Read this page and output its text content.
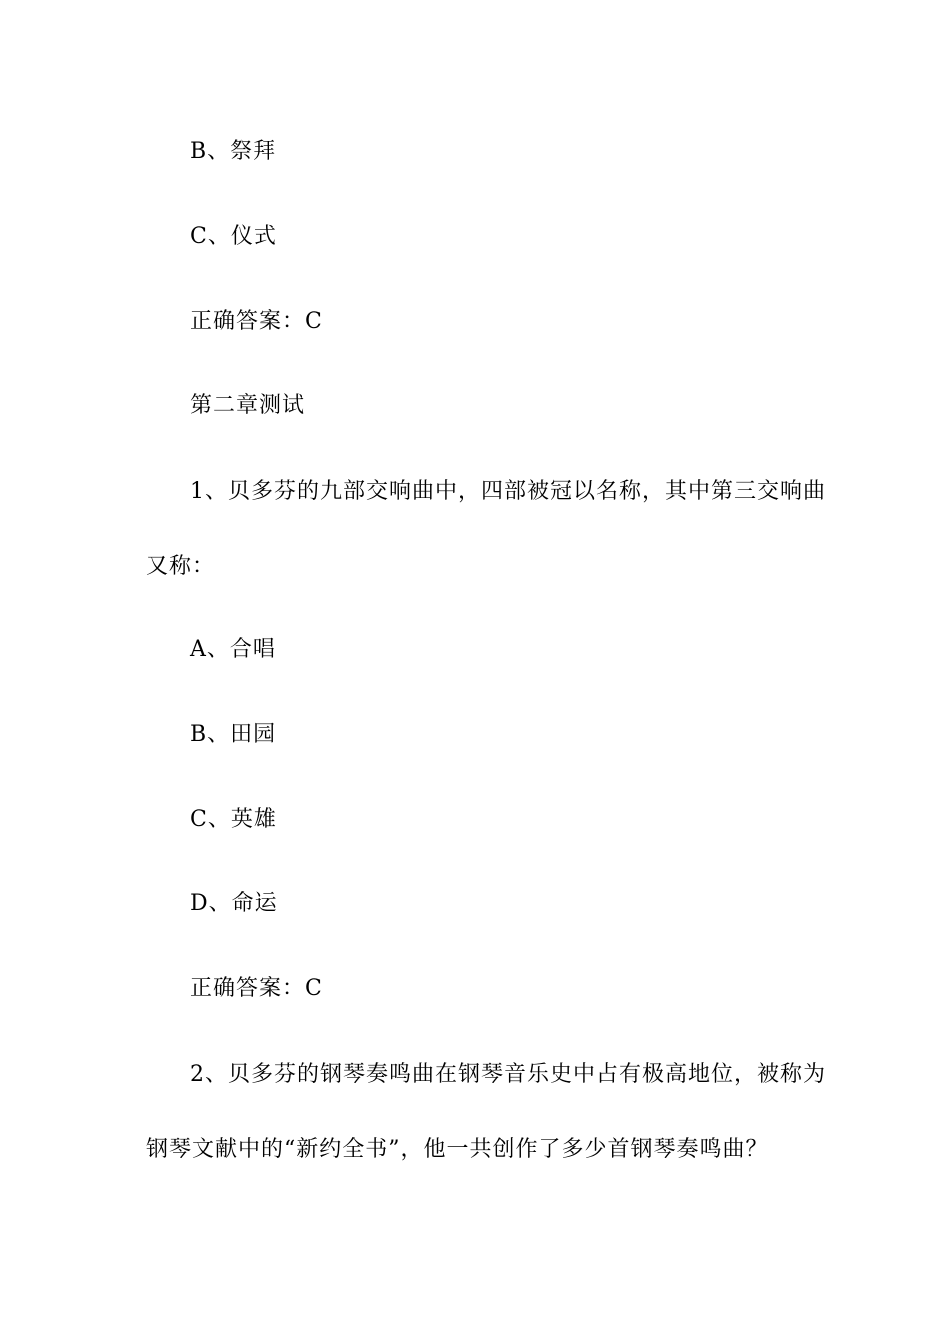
B、祭拜
C、仪式
正确答案：C
第二章测试
1、贝多芬的九部交响曲中，四部被冠以名称，其中第三交响曲
又称：
A、合唱
B、田园
C、英雄
D、命运
正确答案：C
2、贝多芬的钢琴奏鸣曲在钢琴音乐史中占有极高地位，被称为
钢琴文献中的“新约全书”，他一共创作了多少首钢琴奏鸣曲？
